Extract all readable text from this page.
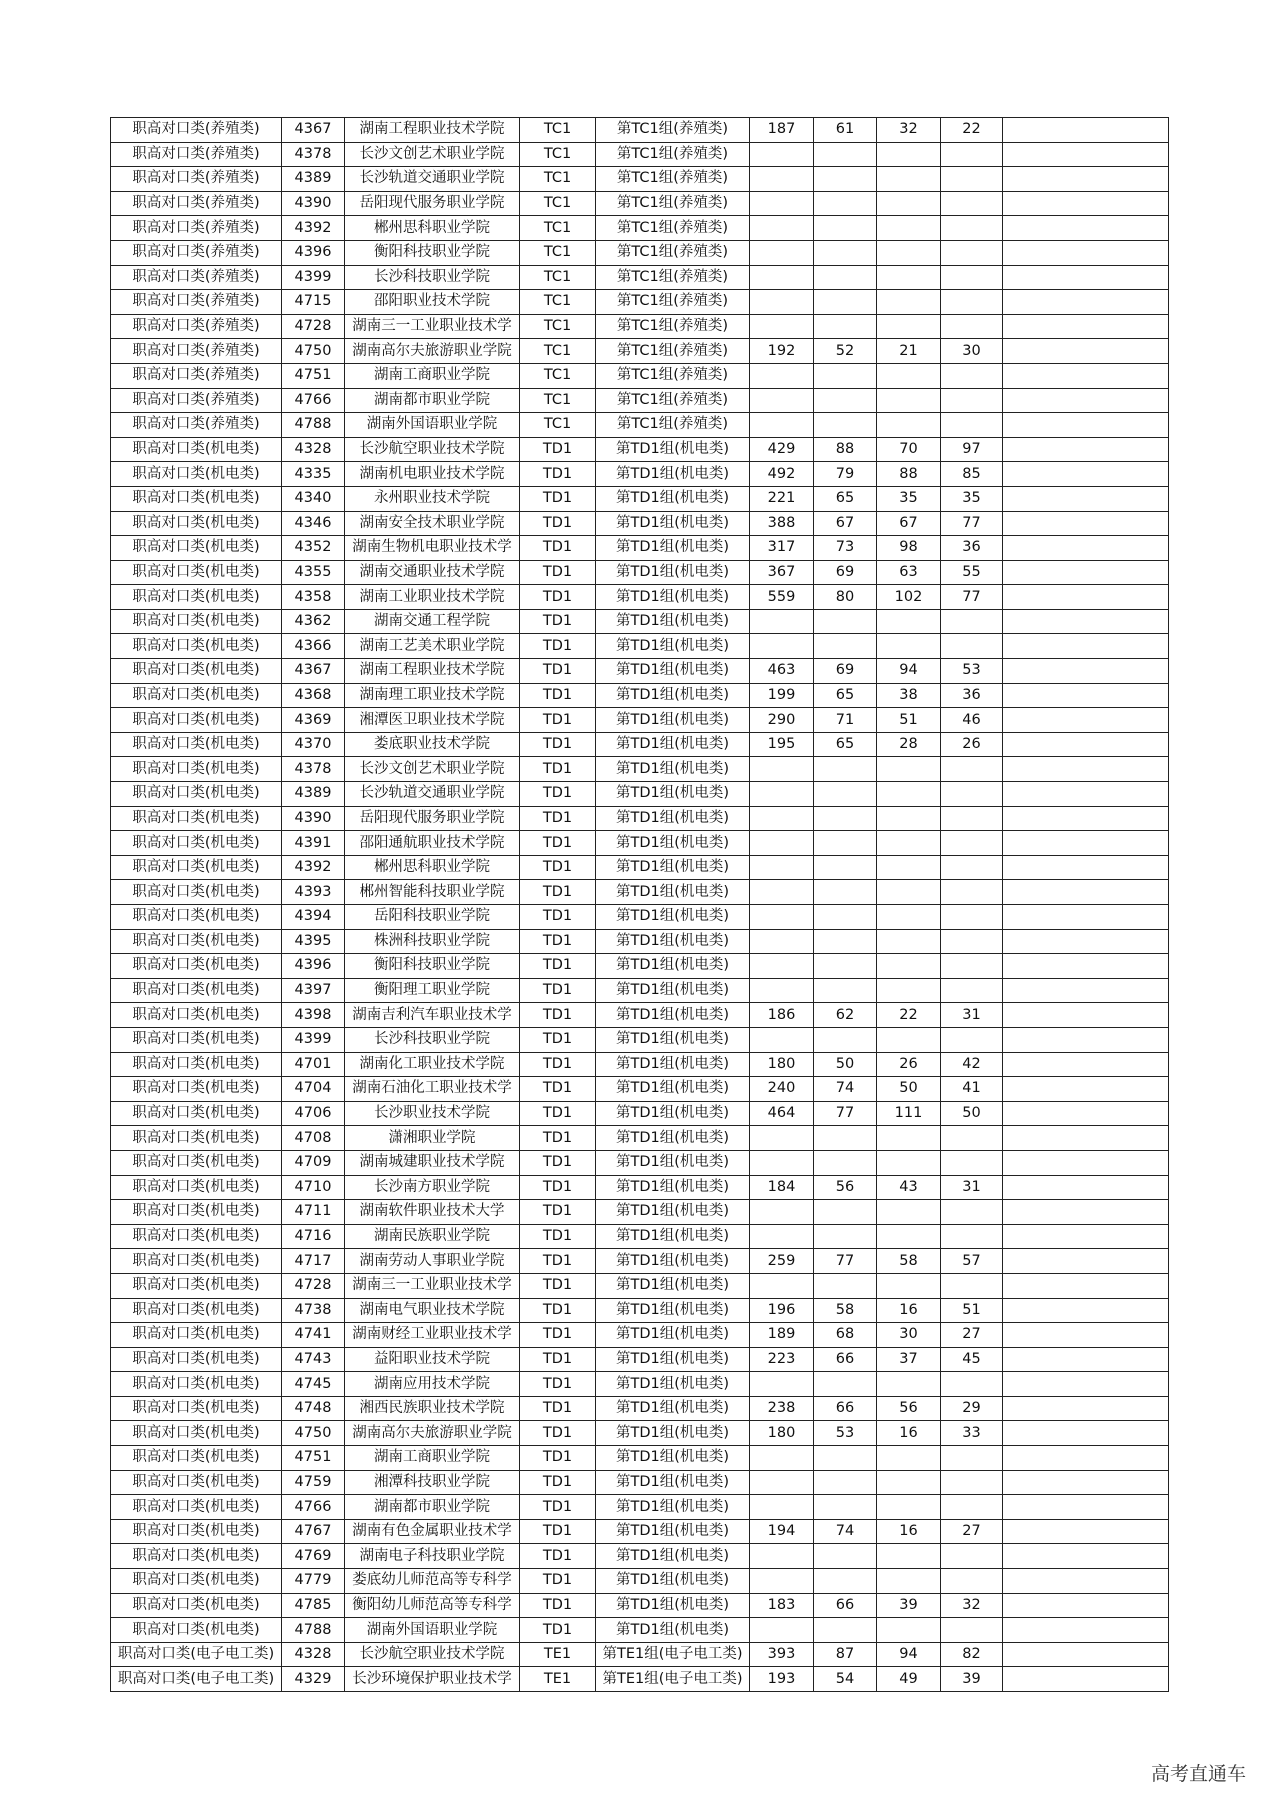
职高对口类(养殖类)	4367	湖南工程职业技术学院	TC1	第TC1组(养殖类)	187	61	32	22	
职高对口类(养殖类)	4378	长沙文创艺术职业学院	TC1	第TC1组(养殖类)					
职高对口类(养殖类)	4389	长沙轨道交通职业学院	TC1	第TC1组(养殖类)					
职高对口类(养殖类)	4390	岳阳现代服务职业学院	TC1	第TC1组(养殖类)					
职高对口类(养殖类)	4392	郴州思科职业学院	TC1	第TC1组(养殖类)					
职高对口类(养殖类)	4396	衡阳科技职业学院	TC1	第TC1组(养殖类)					
职高对口类(养殖类)	4399	长沙科技职业学院	TC1	第TC1组(养殖类)					
职高对口类(养殖类)	4715	邵阳职业技术学院	TC1	第TC1组(养殖类)					
职高对口类(养殖类)	4728	湖南三一工业职业技术学	TC1	第TC1组(养殖类)					
职高对口类(养殖类)	4750	湖南高尔夫旅游职业学院	TC1	第TC1组(养殖类)	192	52	21	30	
职高对口类(养殖类)	4751	湖南工商职业学院	TC1	第TC1组(养殖类)					
职高对口类(养殖类)	4766	湖南都市职业学院	TC1	第TC1组(养殖类)					
职高对口类(养殖类)	4788	湖南外国语职业学院	TC1	第TC1组(养殖类)					
职高对口类(机电类)	4328	长沙航空职业技术学院	TD1	第TD1组(机电类)	429	88	70	97	
职高对口类(机电类)	4335	湖南机电职业技术学院	TD1	第TD1组(机电类)	492	79	88	85	
职高对口类(机电类)	4340	永州职业技术学院	TD1	第TD1组(机电类)	221	65	35	35	
职高对口类(机电类)	4346	湖南安全技术职业学院	TD1	第TD1组(机电类)	388	67	67	77	
职高对口类(机电类)	4352	湖南生物机电职业技术学	TD1	第TD1组(机电类)	317	73	98	36	
职高对口类(机电类)	4355	湖南交通职业技术学院	TD1	第TD1组(机电类)	367	69	63	55	
职高对口类(机电类)	4358	湖南工业职业技术学院	TD1	第TD1组(机电类)	559	80	102	77	
职高对口类(机电类)	4362	湖南交通工程学院	TD1	第TD1组(机电类)					
职高对口类(机电类)	4366	湖南工艺美术职业学院	TD1	第TD1组(机电类)					
职高对口类(机电类)	4367	湖南工程职业技术学院	TD1	第TD1组(机电类)	463	69	94	53	
职高对口类(机电类)	4368	湖南理工职业技术学院	TD1	第TD1组(机电类)	199	65	38	36	
职高对口类(机电类)	4369	湘潭医卫职业技术学院	TD1	第TD1组(机电类)	290	71	51	46	
职高对口类(机电类)	4370	娄底职业技术学院	TD1	第TD1组(机电类)	195	65	28	26	
职高对口类(机电类)	4378	长沙文创艺术职业学院	TD1	第TD1组(机电类)					
职高对口类(机电类)	4389	长沙轨道交通职业学院	TD1	第TD1组(机电类)					
职高对口类(机电类)	4390	岳阳现代服务职业学院	TD1	第TD1组(机电类)					
职高对口类(机电类)	4391	邵阳通航职业技术学院	TD1	第TD1组(机电类)					
职高对口类(机电类)	4392	郴州思科职业学院	TD1	第TD1组(机电类)					
职高对口类(机电类)	4393	郴州智能科技职业学院	TD1	第TD1组(机电类)					
职高对口类(机电类)	4394	岳阳科技职业学院	TD1	第TD1组(机电类)					
职高对口类(机电类)	4395	株洲科技职业学院	TD1	第TD1组(机电类)					
职高对口类(机电类)	4396	衡阳科技职业学院	TD1	第TD1组(机电类)					
职高对口类(机电类)	4397	衡阳理工职业学院	TD1	第TD1组(机电类)					
职高对口类(机电类)	4398	湖南吉利汽车职业技术学	TD1	第TD1组(机电类)	186	62	22	31	
职高对口类(机电类)	4399	长沙科技职业学院	TD1	第TD1组(机电类)					
职高对口类(机电类)	4701	湖南化工职业技术学院	TD1	第TD1组(机电类)	180	50	26	42	
职高对口类(机电类)	4704	湖南石油化工职业技术学	TD1	第TD1组(机电类)	240	74	50	41	
职高对口类(机电类)	4706	长沙职业技术学院	TD1	第TD1组(机电类)	464	77	111	50	
职高对口类(机电类)	4708	潇湘职业学院	TD1	第TD1组(机电类)					
职高对口类(机电类)	4709	湖南城建职业技术学院	TD1	第TD1组(机电类)					
职高对口类(机电类)	4710	长沙南方职业学院	TD1	第TD1组(机电类)	184	56	43	31	
职高对口类(机电类)	4711	湖南软件职业技术大学	TD1	第TD1组(机电类)					
职高对口类(机电类)	4716	湖南民族职业学院	TD1	第TD1组(机电类)					
职高对口类(机电类)	4717	湖南劳动人事职业学院	TD1	第TD1组(机电类)	259	77	58	57	
职高对口类(机电类)	4728	湖南三一工业职业技术学	TD1	第TD1组(机电类)					
职高对口类(机电类)	4738	湖南电气职业技术学院	TD1	第TD1组(机电类)	196	58	16	51	
职高对口类(机电类)	4741	湖南财经工业职业技术学	TD1	第TD1组(机电类)	189	68	30	27	
职高对口类(机电类)	4743	益阳职业技术学院	TD1	第TD1组(机电类)	223	66	37	45	
职高对口类(机电类)	4745	湖南应用技术学院	TD1	第TD1组(机电类)					
职高对口类(机电类)	4748	湘西民族职业技术学院	TD1	第TD1组(机电类)	238	66	56	29	
职高对口类(机电类)	4750	湖南高尔夫旅游职业学院	TD1	第TD1组(机电类)	180	53	16	33	
职高对口类(机电类)	4751	湖南工商职业学院	TD1	第TD1组(机电类)					
职高对口类(机电类)	4759	湘潭科技职业学院	TD1	第TD1组(机电类)					
职高对口类(机电类)	4766	湖南都市职业学院	TD1	第TD1组(机电类)					
职高对口类(机电类)	4767	湖南有色金属职业技术学	TD1	第TD1组(机电类)	194	74	16	27	
职高对口类(机电类)	4769	湖南电子科技职业学院	TD1	第TD1组(机电类)					
职高对口类(机电类)	4779	娄底幼儿师范高等专科学	TD1	第TD1组(机电类)					
职高对口类(机电类)	4785	衡阳幼儿师范高等专科学	TD1	第TD1组(机电类)	183	66	39	32	
职高对口类(机电类)	4788	湖南外国语职业学院	TD1	第TD1组(机电类)					
职高对口类(电子电工类)	4328	长沙航空职业技术学院	TE1	第TE1组(电子电工类)	393	87	94	82	
职高对口类(电子电工类)	4329	长沙环境保护职业技术学	TE1	第TE1组(电子电工类)	193	54	49	39	
高考直通车
